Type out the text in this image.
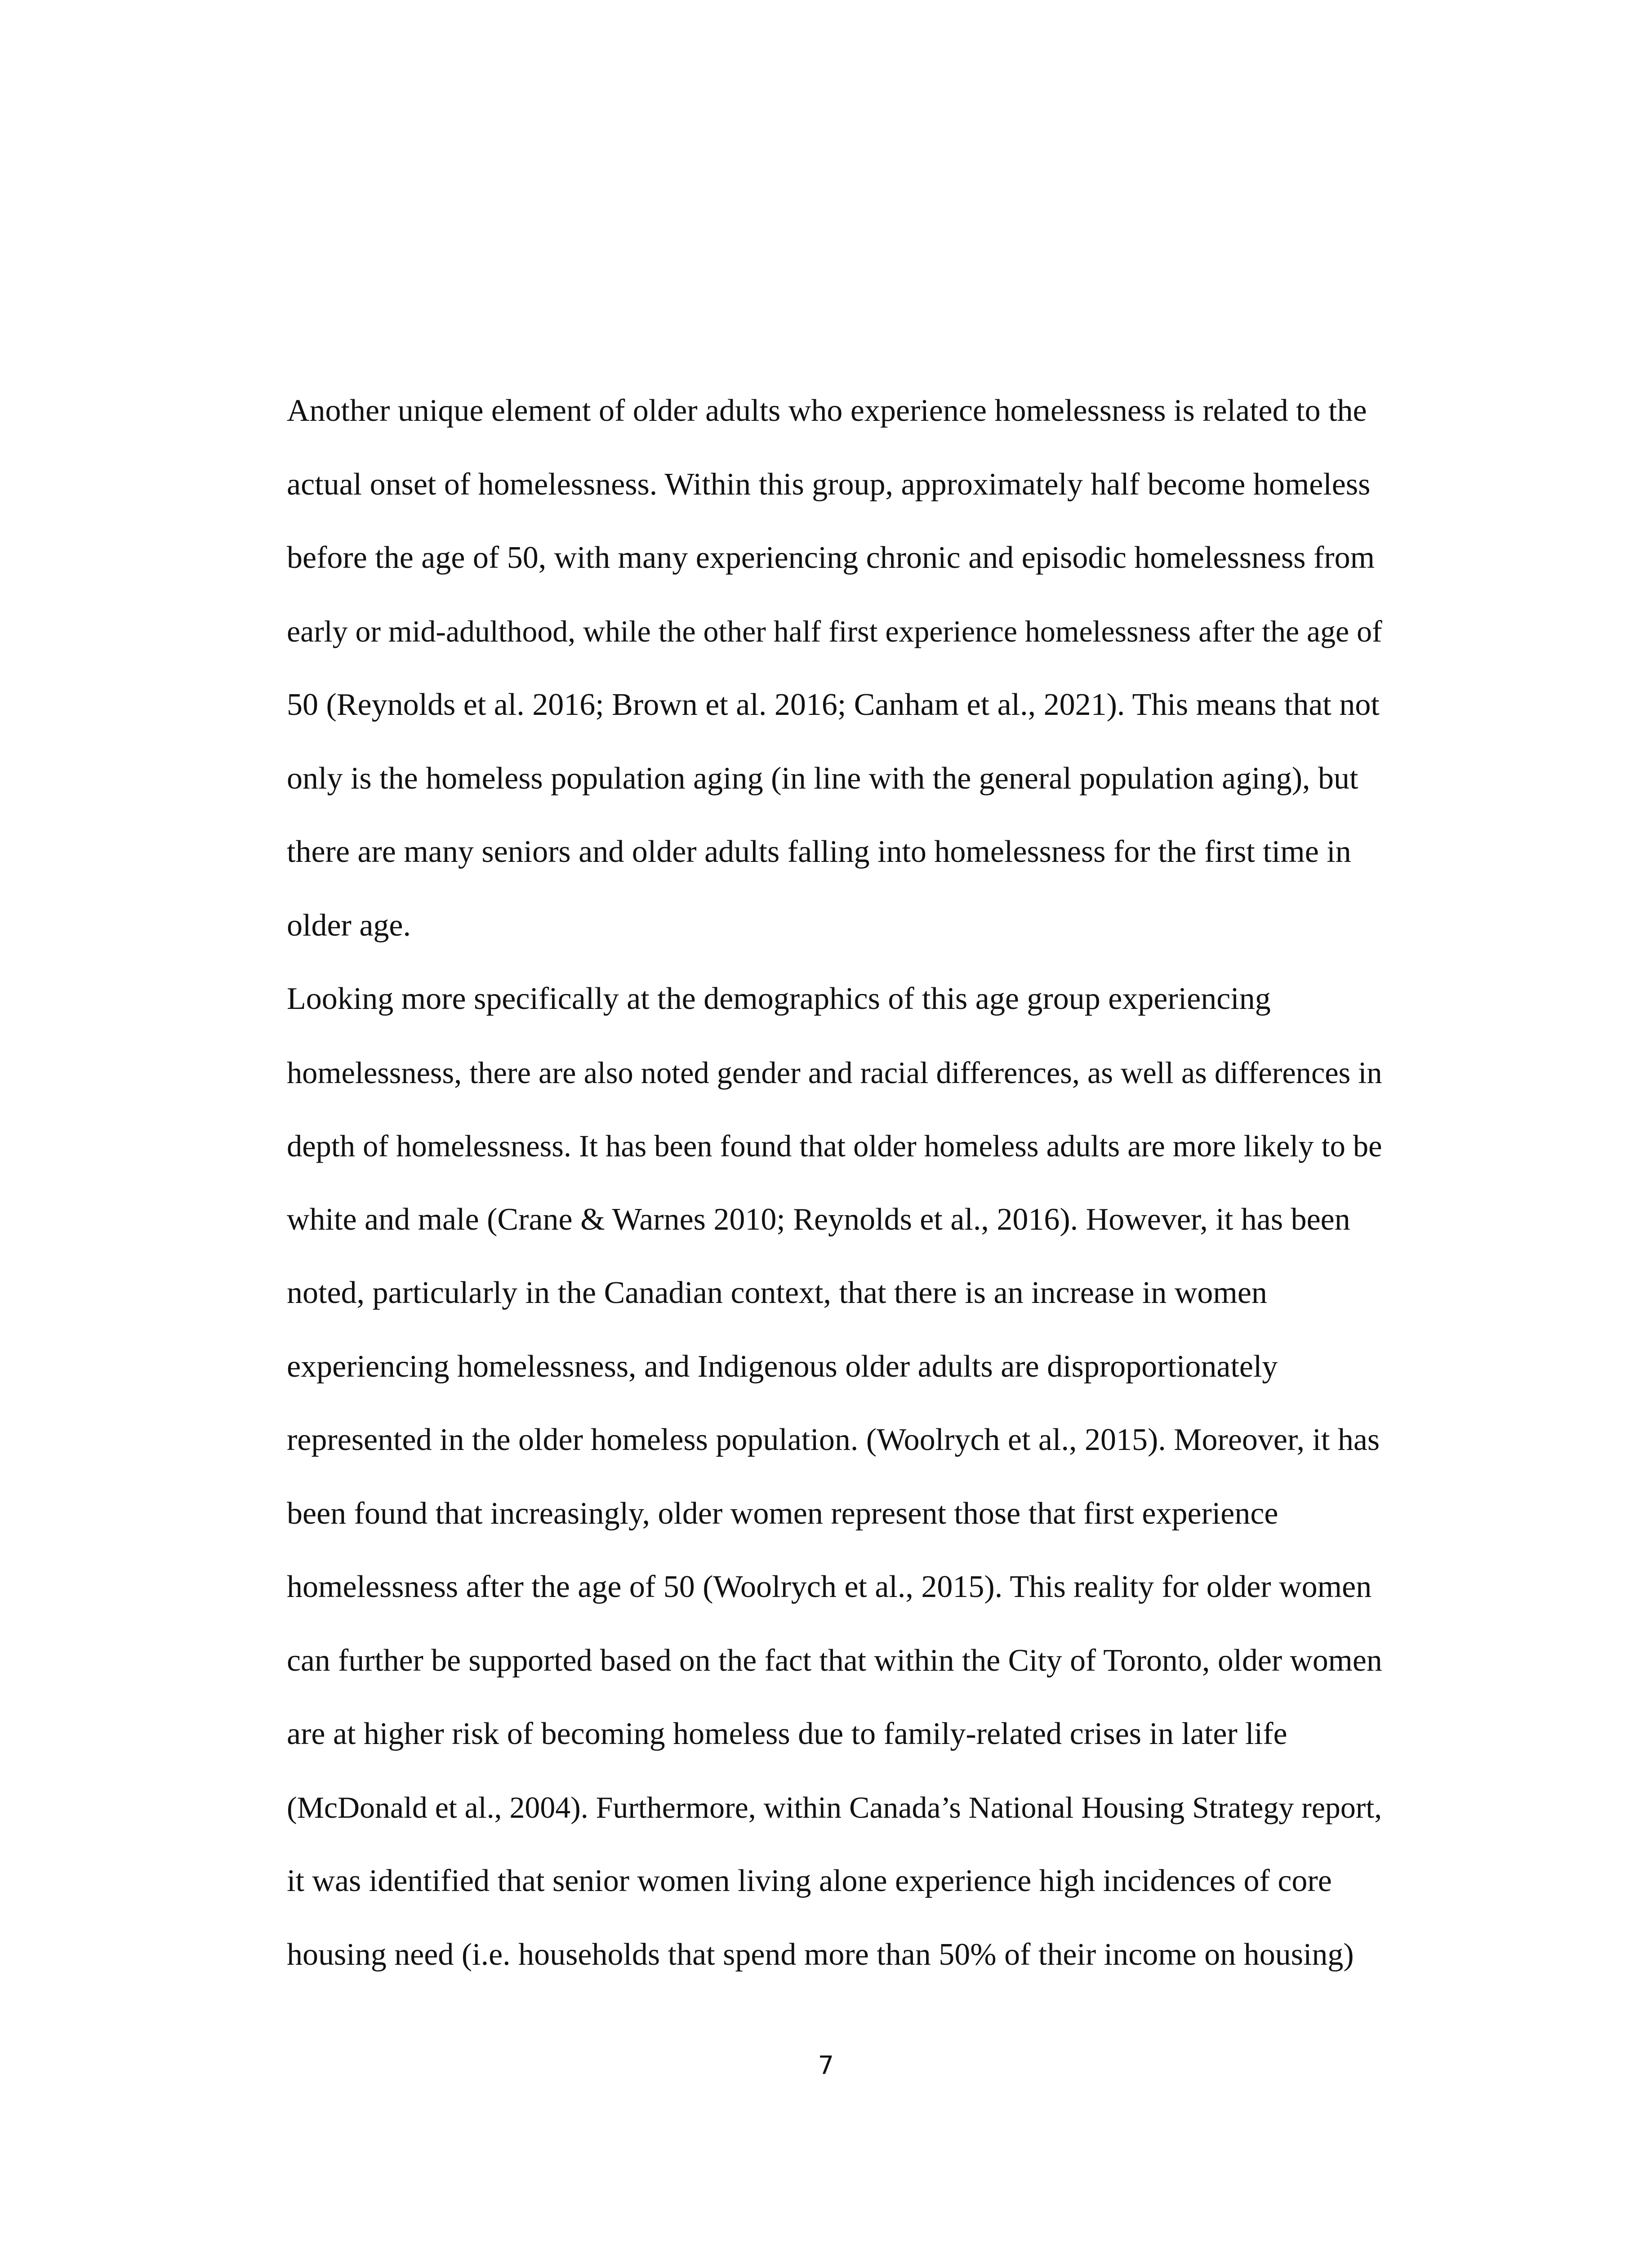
Another unique element of older adults who experience homelessness is related to the
actual onset of homelessness. Within this group, approximately half become homeless
before the age of 50, with many experiencing chronic and episodic homelessness from
early or mid-adulthood, while the other half first experience homelessness after the age of
50 (Reynolds et al. 2016; Brown et al. 2016; Canham et al., 2021). This means that not
only is the homeless population aging (in line with the general population aging), but
there are many seniors and older adults falling into homelessness for the first time in
older age.
Looking more specifically at the demographics of this age group experiencing
homelessness, there are also noted gender and racial differences, as well as differences in
depth of homelessness. It has been found that older homeless adults are more likely to be
white and male (Crane & Warnes 2010; Reynolds et al., 2016). However, it has been
noted, particularly in the Canadian context, that there is an increase in women
experiencing homelessness, and Indigenous older adults are disproportionately
represented in the older homeless population. (Woolrych et al., 2015). Moreover, it has
been found that increasingly, older women represent those that first experience
homelessness after the age of 50 (Woolrych et al., 2015). This reality for older women
can further be supported based on the fact that within the City of Toronto, older women
are at higher risk of becoming homeless due to family-related crises in later life
(McDonald et al., 2004). Furthermore, within Canada’s National Housing Strategy report,
it was identified that senior women living alone experience high incidences of core
housing need (i.e. households that spend more than 50% of their income on housing)
7
